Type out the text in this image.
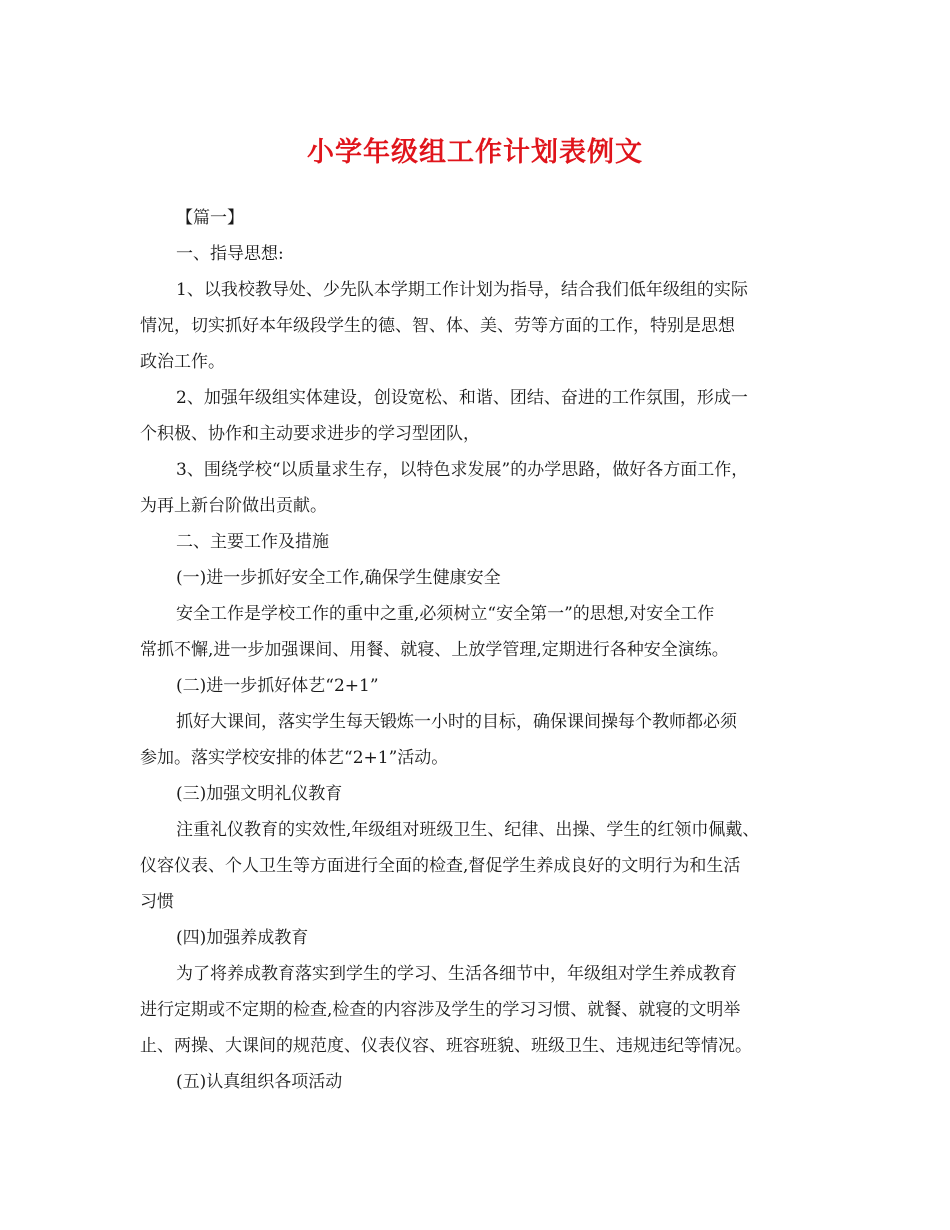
小学年级组工作计划表例文
【篇一】
一、指导思想:
1、以我校教导处、少先队本学期工作计划为指导，结合我们低年级组的实际
情况，切实抓好本年级段学生的德、智、体、美、劳等方面的工作，特别是思想
政治工作。
2、加强年级组实体建设，创设宽松、和谐、团结、奋进的工作氛围，形成一
个积极、协作和主动要求进步的学习型团队，
3、围绕学校“以质量求生存，以特色求发展”的办学思路，做好各方面工作，
为再上新台阶做出贡献。
二、主要工作及措施
(一)进一步抓好安全工作,确保学生健康安全
安全工作是学校工作的重中之重,必须树立“安全第一”的思想,对安全工作
常抓不懈,进一步加强课间、用餐、就寝、上放学管理,定期进行各种安全演练。
(二)进一步抓好体艺“2+1”
抓好大课间，落实学生每天锻炼一小时的目标，确保课间操每个教师都必须
参加。落实学校安排的体艺“2+1”活动。
(三)加强文明礼仪教育
注重礼仪教育的实效性,年级组对班级卫生、纪律、出操、学生的红领巾佩戴、
仪容仪表、个人卫生等方面进行全面的检查,督促学生养成良好的文明行为和生活
习惯
(四)加强养成教育
为了将养成教育落实到学生的学习、生活各细节中，年级组对学生养成教育
进行定期或不定期的检查,检查的内容涉及学生的学习习惯、就餐、就寝的文明举
止、两操、大课间的规范度、仪表仪容、班容班貌、班级卫生、违规违纪等情况。
(五)认真组织各项活动
